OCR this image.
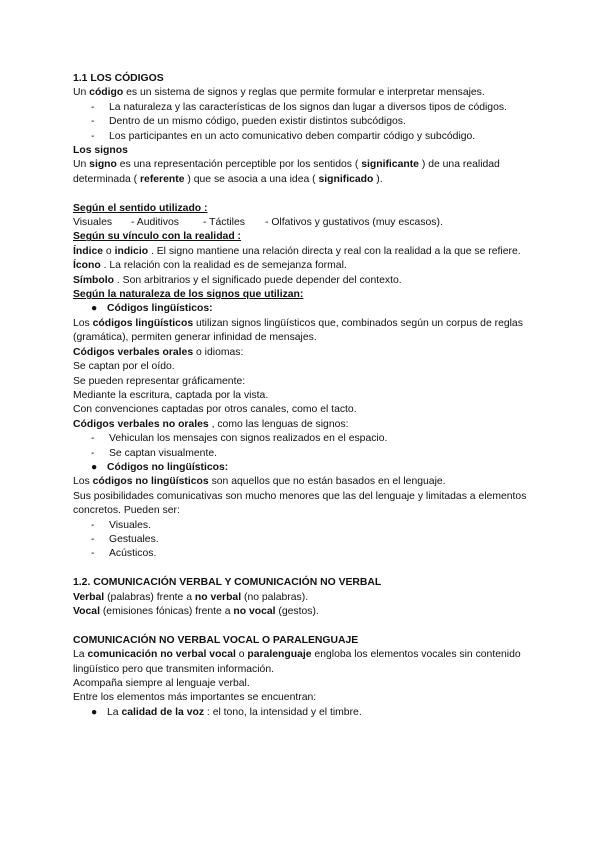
1.1 LOS CÓDIGOS

Un código es un sistema de signos y reglas que permite formular e interpretar mensajes.

-	La naturaleza y las características de los signos dan lugar a diversos tipos de códigos.
-	Dentro de un mismo código, pueden existir distintos subcódigos.
-	Los participantes en un acto comunicativo deben compartir código y subcódigo.

Los signos

Un signo es una representación perceptible por los sentidos ( significante ) de una realidad determinada ( referente ) que se asocia a una idea ( significado ).

Según el sentido utilizado :

Visuales	- Auditivos	- Táctiles	- Olfativos y gustativos (muy escasos).

Según su vínculo con la realidad :

Índice o indicio . El signo mantiene una relación directa y real con la realidad a la que se refiere.

Ícono . La relación con la realidad es de semejanza formal.

Símbolo . Son arbitrarios y el significado puede depender del contexto.

Según la naturaleza de los signos que utilizan:

● Códigos lingüísticos:

Los códigos lingüísticos utilizan signos lingüísticos que, combinados según un corpus de reglas (gramática), permiten generar infinidad de mensajes.

Códigos verbales orales o idiomas:

Se captan por el oído.

Se pueden representar gráficamente:

Mediante la escritura, captada por la vista.

Con convenciones captadas por otros canales, como el tacto.

Códigos verbales no orales , como las lenguas de signos:

-	Vehiculan los mensajes con signos realizados en el espacio.
-	Se captan visualmente.
● Códigos no lingüísticos:

Los códigos no lingüísticos son aquellos que no están basados en el lenguaje.

Sus posibilidades comunicativas son mucho menores que las del lenguaje y limitadas a elementos concretos. Pueden ser:

-	Visuales.
-	Gestuales.
-	Acústicos.

1.2. COMUNICACIÓN VERBAL Y COMUNICACIÓN NO VERBAL

Verbal (palabras) frente a no verbal (no palabras).

Vocal (emisiones fónicas) frente a no vocal (gestos).

COMUNICACIÓN NO VERBAL VOCAL O PARALENGUAJE

La comunicación no verbal vocal o paralenguaje engloba los elementos vocales sin contenido lingüístico pero que transmiten información.

Acompaña siempre al lenguaje verbal.

Entre los elementos más importantes se encuentran:

● La calidad de la voz : el tono, la intensidad y el timbre.
